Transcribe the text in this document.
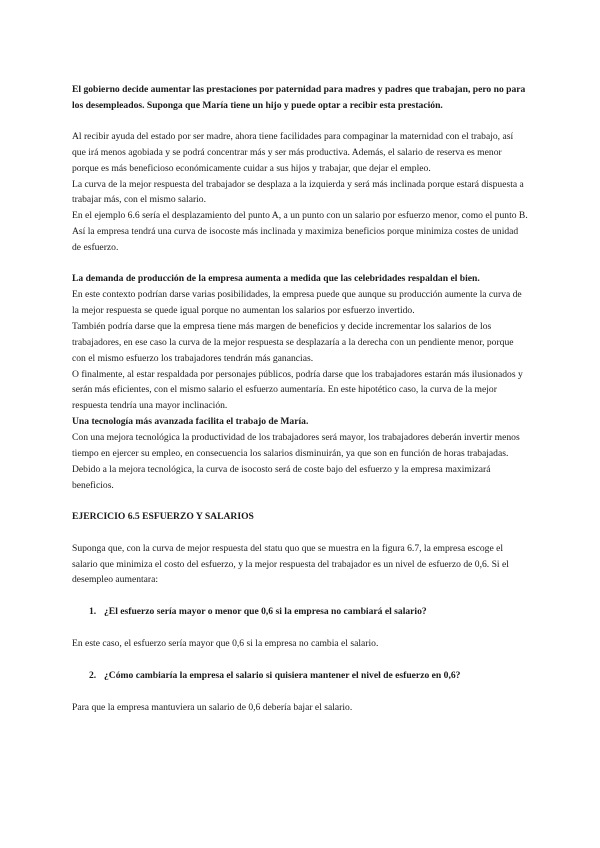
El gobierno decide aumentar las prestaciones por paternidad para madres y padres que trabajan, pero no para los desempleados. Suponga que María tiene un hijo y puede optar a recibir esta prestación.

Al recibir ayuda del estado por ser madre, ahora tiene facilidades para compaginar la maternidad con el trabajo, así que irá menos agobiada y se podrá concentrar más y ser más productiva. Además, el salario de reserva es menor porque es más beneficioso económicamente cuidar a sus hijos y trabajar, que dejar el empleo.

La curva de la mejor respuesta del trabajador se desplaza a la izquierda y será más inclinada porque estará dispuesta a trabajar más, con el mismo salario.

En el ejemplo 6.6 sería el desplazamiento del punto A, a un punto con un salario por esfuerzo menor, como el punto B.

Así la empresa tendrá una curva de isocoste más inclinada y maximiza beneficios porque minimiza costes de unidad de esfuerzo.

La demanda de producción de la empresa aumenta a medida que las celebridades respaldan el bien.

En este contexto podrían darse varias posibilidades, la empresa puede que aunque su producción aumente la curva de la mejor respuesta se quede igual porque no aumentan los salarios por esfuerzo invertido.

También podría darse que la empresa tiene más margen de beneficios y decide incrementar los salarios de los trabajadores, en ese caso la curva de la mejor respuesta se desplazaría a la derecha con un pendiente menor, porque con el mismo esfuerzo los trabajadores tendrán más ganancias.

O finalmente, al estar respaldada por personajes públicos, podría darse que los trabajadores estarán más ilusionados y serán más eficientes, con el mismo salario el esfuerzo aumentaría. En este hipotético caso, la curva de la mejor respuesta tendría una mayor inclinación.

Una tecnología más avanzada facilita el trabajo de María.

Con una mejora tecnológica la productividad de los trabajadores será mayor, los trabajadores deberán invertir menos tiempo en ejercer su empleo, en consecuencia los salarios disminuirán, ya que son en función de horas trabajadas. Debido a la mejora tecnológica, la curva de isocosto será de coste bajo del esfuerzo y la empresa maximizará beneficios.

EJERCICIO 6.5 ESFUERZO Y SALARIOS

Suponga que, con la curva de mejor respuesta del statu quo que se muestra en la figura 6.7, la empresa escoge el salario que minimiza el costo del esfuerzo, y la mejor respuesta del trabajador es un nivel de esfuerzo de 0,6. Si el desempleo aumentara:

1. ¿El esfuerzo sería mayor o menor que 0,6 si la empresa no cambiará el salario?

En este caso, el esfuerzo sería mayor que 0,6 si la empresa no cambia el salario.

2. ¿Cómo cambiaría la empresa el salario si quisiera mantener el nivel de esfuerzo en 0,6?

Para que la empresa mantuviera un salario de 0,6 debería bajar el salario.
